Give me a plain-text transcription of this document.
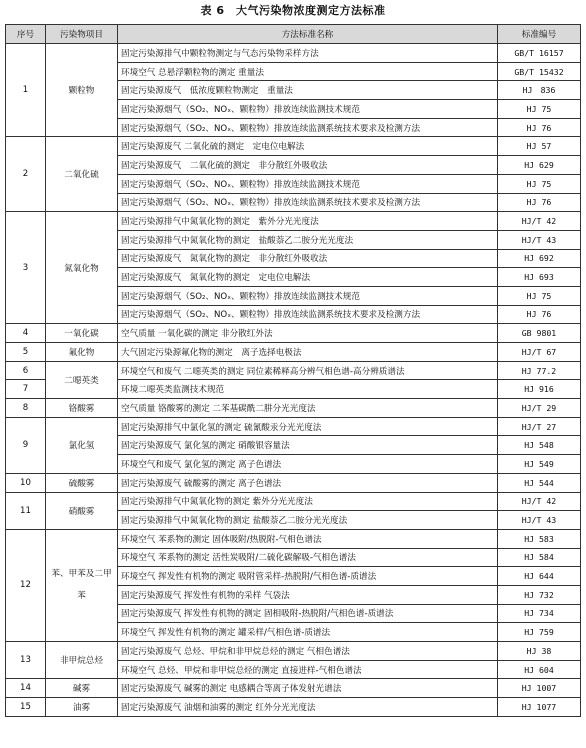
表 6　大气污染物浓度测定方法标准
序号	污染物项目	方法标准名称	标准编号
1	颗粒物	固定污染源排气中颗粒物测定与气态污染物采样方法	GB/T 16157
		环境空气 总悬浮颗粒物的测定 重量法	GB/T 15432
		固定污染源废气　低浓度颗粒物测定　重量法	HJ　836
		固定污染源烟气（SO₂、NOₓ、颗粒物）排放连续监测技术规范	HJ 75
		固定污染源烟气（SO₂、NOₓ、颗粒物）排放连续监测系统技术要求及检测方法	HJ 76
2	二氧化硫	固定污染源废气 二氧化硫的测定　定电位电解法	HJ 57
		固定污染源废气　二氧化硫的测定　非分散红外吸收法	HJ 629
		固定污染源烟气（SO₂、NOₓ、颗粒物）排放连续监测技术规范	HJ 75
		固定污染源烟气（SO₂、NOₓ、颗粒物）排放连续监测系统技术要求及检测方法	HJ 76
3	氮氧化物	固定污染源排气中氮氧化物的测定　紫外分光光度法	HJ/T 42
		固定污染源排气中氮氧化物的测定　盐酸萘乙二胺分光光度法	HJ/T 43
		固定污染源废气　氮氧化物的测定　非分散红外吸收法	HJ 692
		固定污染源废气　氮氧化物的测定　定电位电解法	HJ 693
		固定污染源烟气（SO₂、NOₓ、颗粒物）排放连续监测技术规范	HJ 75
		固定污染源烟气（SO₂、NOₓ、颗粒物）排放连续监测系统技术要求及检测方法	HJ 76
4	一氧化碳	空气质量 一氧化碳的测定 非分散红外法	GB 9801
5	氟化物	大气固定污染源氟化物的测定　离子选择电极法	HJ/T 67
6	二噁英类	环境空气和废气 二噁英类的测定 同位素稀释高分辨气相色谱-高分辨质谱法	HJ 77.2
7		环境二噁英类监测技术规范	HJ 916
8	铬酸雾	空气质量 铬酸雾的测定 二苯基碳酰二肼分光光度法	HJ/T 29
9	氯化氢	固定污染源排气中氯化氢的测定 硫氰酸汞分光光度法	HJ/T 27
		固定污染源废气 氯化氢的测定 硝酸银容量法	HJ 548
		环境空气和废气 氯化氢的测定 离子色谱法	HJ 549
10	硫酸雾	固定污染源废气 硫酸雾的测定 离子色谱法	HJ 544
11	硝酸雾	固定污染源排气中氮氧化物的测定 紫外分光光度法	HJ/T 42
		固定污染源排气中氮氧化物的测定 盐酸萘乙二胺分光光度法	HJ/T 43
12	苯、甲苯及二甲苯	环境空气 苯系物的测定 固体吸附/热脱附-气相色谱法	HJ 583
		环境空气 苯系物的测定 活性炭吸附/二硫化碳解吸-气相色谱法	HJ 584
		环境空气 挥发性有机物的测定 吸附管采样-热脱附/气相色谱-质谱法	HJ 644
		固定污染源废气 挥发性有机物的采样 气袋法	HJ 732
		固定污染源废气 挥发性有机物的测定 固相吸附-热脱附/气相色谱-质谱法	HJ 734
		环境空气 挥发性有机物的测定 罐采样/气相色谱-质谱法	HJ 759
13	非甲烷总烃	固定污染源废气 总烃、甲烷和非甲烷总烃的测定 气相色谱法	HJ 38
		环境空气 总烃、甲烷和非甲烷总烃的测定 直接进样-气相色谱法	HJ 604
14	碱雾	固定污染源废气 碱雾的测定 电感耦合等离子体发射光谱法	HJ 1007
15	油雾	固定污染源废气 油烟和油雾的测定 红外分光光度法	HJ 1077
